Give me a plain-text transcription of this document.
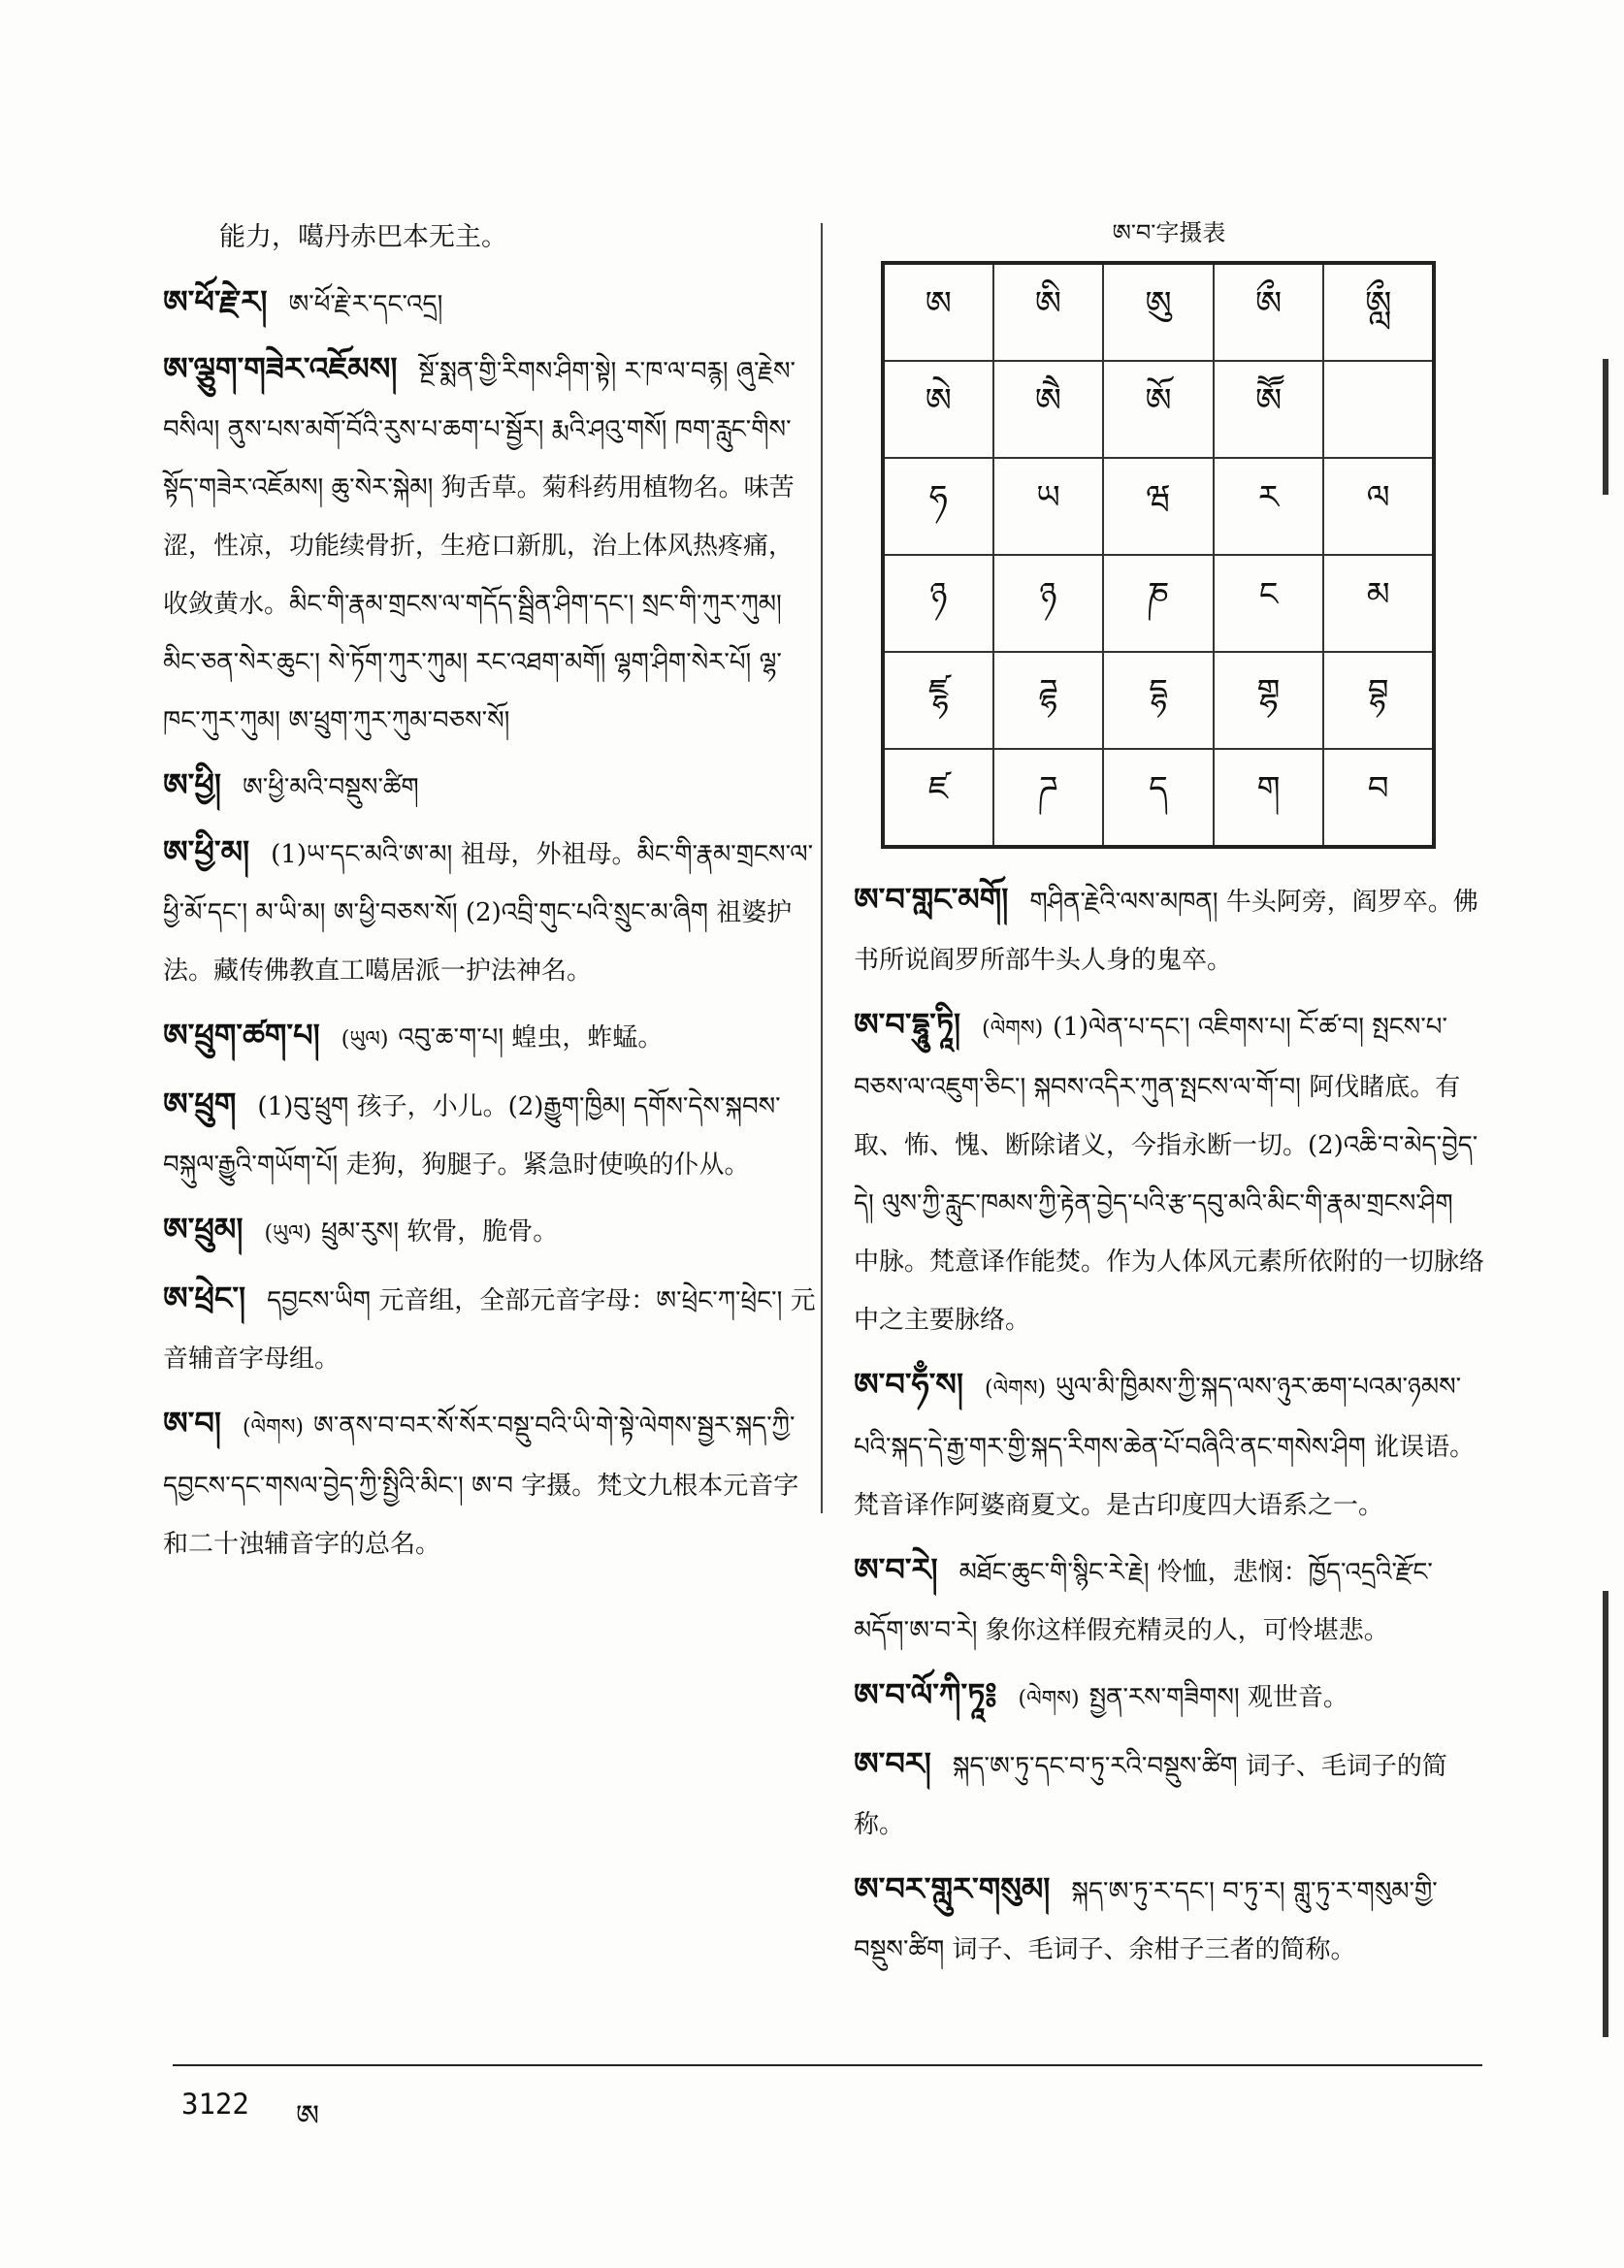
能力，噶丹赤巴本无主。
ཨ་ཕོ་རྗེ་ར། ཨ་ཕོ་རྗེ་ར་དང་འདྲ།
ཨ་ལྕུག་གཟེར་འཇོམས། སྔོ་སྨན་གྱི་རིགས་ཤིག་སྟེ། ར་ཁ་ལ་བརྙ། ཞུ་རྗེས་བསིལ། ནུས་པས་མགོ་བོའི་རུས་པ་ཆག་པ་སྦྱོར། རྨའི་ཤའུ་གསོ། ཁག་རླུང་གིས་སྟོད་གཟེར་འཇོམས། ཆུ་སེར་སྐེམ། 狗舌草。菊科药用植物名。味苦涩，性凉，功能续骨折，生疮口新肌，治上体风热疼痛，收敛黄水。མིང་གི་རྣམ་གྲངས་ལ་གདོད་སྦྲིན་ཤིག་དང་། སྲང་གི་ཀུར་ཀུམ། མིང་ཅན་སེར་ཆུང་། སེ་ཏོག་ཀུར་ཀུམ། རང་འཐག་མགོ། ལྷག་ཤིག་སེར་པོ། ལྷ་ཁང་ཀུར་ཀུམ། ཨ་ཕྲུག་ཀུར་ཀུམ་བཅས་སོ།
ཨ་ཕྱི། ཨ་ཕྱི་མའི་བསྡུས་ཚིག
ཨ་ཕྱི་མ། (1)ཡ་དང་མའི་ཨ་མ། 祖母，外祖母。མིང་གི་རྣམ་གྲངས་ལ་ཕྱི་མོ་དང་། མ་ཡི་མ། ཨ་ཕྱི་བཅས་སོ། (2)འབྲི་གུང་པའི་སྲུང་མ་ཞིག 祖婆护法。藏传佛教直工噶居派一护法神名。
ཨ་ཕྲུག་ཚག་པ། (ཡུལ) འབུ་ཆ་ག་པ། 蝗虫，蚱蜢。
ཨ་ཕྲུག (1)བུ་ཕྲུག 孩子，小儿。(2)རྒྱུག་ཁྱིམ། དགོས་དེས་སྐབས་བསྐུལ་རྒྱུའི་གཡོག་པོ། 走狗，狗腿子。紧急时使唤的仆从。
ཨ་ཕྲུམ། (ཡུལ) ཕྲུམ་རུས། 软骨，脆骨。
ཨ་ཕྲེང་། དབྱངས་ཡིག 元音组，全部元音字母：ཨ་ཕྲེང་ཀ་ཕྲེང་། 元音辅音字母组。
ཨ་བ། (ལེགས) ཨ་ནས་བ་བར་སོ་སོར་བསྡུ་བའི་ཡི་གེ་སྟེ་ལེགས་སྦྱར་སྐད་ཀྱི་དབྱངས་དང་གསལ་བྱེད་ཀྱི་སྤྱིའི་མིང་། ཨ་བ 字摄。梵文九根本元音字和二十浊辅音字的总名。
ཨ་བ་字摄表
ཨ	ཨི	ཨུ	ཨྀ	ཨླྀ
ཨེ	ཨཻ	ཨོ	ཨཽ	
ཧ	ཡ	ཝ	ར	ལ
ཉ	ཉ	ཎ	ང	མ
ཛྷ	ཌྷ	དྷ	གྷ	བྷ
ཛ	ཌ	ད	ག	བ
ཨ་བ་གླང་མགོ། གཤིན་རྗེའི་ལས་མཁན། 牛头阿旁，阎罗卒。佛书所说阎罗所部牛头人身的鬼卒。
ཨ་བ་དྷཱུ་ཏཱི། (ལེགས) (1)ལེན་པ་དང་། འཇིགས་པ། ངོ་ཚ་བ། སྤངས་པ་བཅས་ལ་འཇུག་ཅིང་། སྐབས་འདིར་ཀུན་སྤངས་ལ་གོ་བ། 阿伐睹底。有取、怖、愧、断除诸义，今指永断一切。(2)འཆི་བ་མེད་བྱེད་དེ། ལུས་ཀྱི་རླུང་ཁམས་ཀྱི་རྟེན་བྱེད་པའི་རྩ་དབུ་མའི་མིང་གི་རྣམ་གྲངས་ཤིག 中脉。梵意译作能焚。作为人体风元素所依附的一切脉络中之主要脉络。
ཨ་བ་ཧྃ་ས། (ལེགས) ཡུལ་མི་ཁྱིམས་ཀྱི་སྐད་ལས་ཉུར་ཆག་པའམ་ཉམས་པའི་སྐད་དེ་རྒྱ་གར་གྱི་སྐད་རིགས་ཆེན་པོ་བཞིའི་ནང་གསེས་ཤིག 讹误语。梵音译作阿婆商夏文。是古印度四大语系之一。
ཨ་བ་རེ། མཐོང་ཆུང་གི་སྙིང་རེ་རྗེ། 怜恤，悲悯：ཁྱོད་འདྲའི་རྫོང་མདོག་ཨ་བ་རེ། 象你这样假充精灵的人，可怜堪悲。
ཨ་བ་ལོ་ཀི་ཏཱ༔ (ལེགས) སྤྱན་རས་གཟིགས། 观世音。
ཨ་བར། སྐད་ཨ་ཏུ་དང་བ་ཏུ་རའི་བསྡུས་ཚིག 词子、毛词子的简称。
ཨ་བར་གླུར་གསུམ། སྐད་ཨ་ཏུ་ར་དང་། བ་ཏུ་ར། གླུ་ཏུ་ར་གསུམ་གྱི་བསྡུས་ཚིག 词子、毛词子、余柑子三者的简称。
3122 ཨ
